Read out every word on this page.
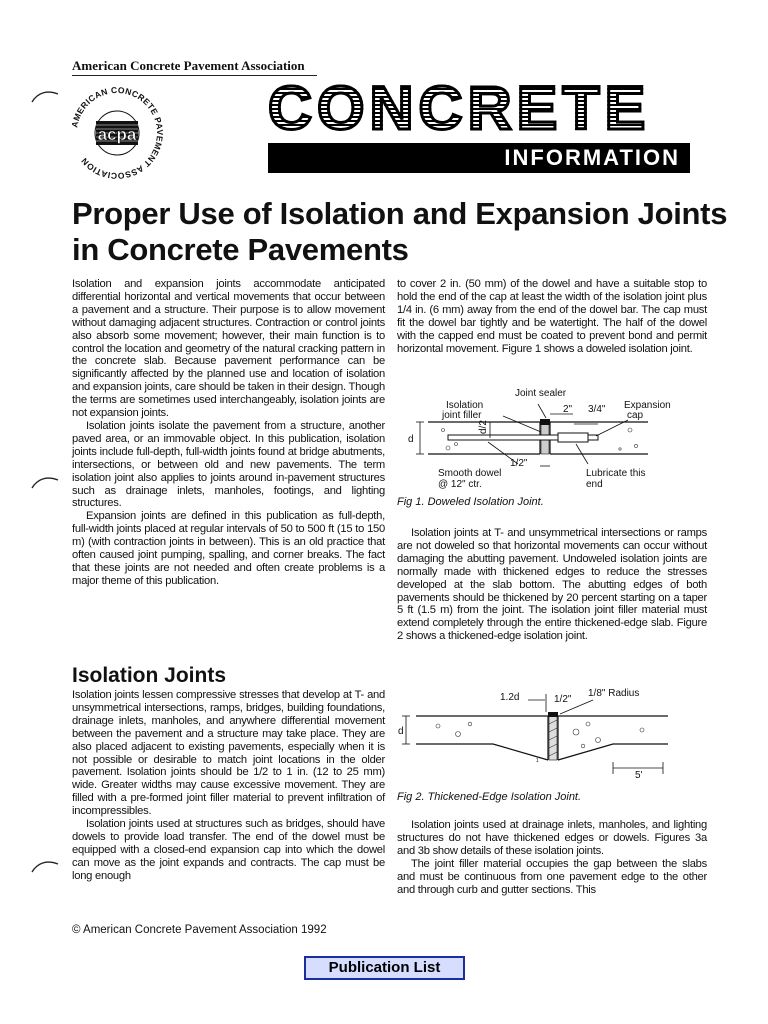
American Concrete Pavement Association
AMERICAN CONCRETE PAVEMENT ASSOCIATION
acpa CONCRETE
INFORMATION
Proper Use of Isolation and Expansion Joints in Concrete Pavements

Isolation and expansion joints accommodate anticipated differential horizontal and vertical movements that occur between a pavement and a structure. Their purpose is to allow movement without damaging adjacent structures. Contraction or control joints also absorb some movement; however, their main function is to control the location and geometry of the natural cracking pattern in the concrete slab. Because pavement performance can be significantly affected by the planned use and location of isolation and expansion joints, care should be taken in their design. Though the terms are sometimes used interchangeably, isolation joints are not expansion joints.

Isolation joints isolate the pavement from a structure, another paved area, or an immovable object. In this publication, isolation joints include full-depth, full-width joints found at bridge abutments, intersections, or between old and new pavements. The term isolation joint also applies to joints around in-pavement structures such as drainage inlets, manholes, footings, and lighting structures.

Expansion joints are defined in this publication as full-depth, full-width joints placed at regular intervals of 50 to 500 ft (15 to 150 m) (with contraction joints in between). This is an old practice that often caused joint pumping, spalling, and corner breaks. The fact that these joints are not needed and often create problems is a major theme of this publication.

Isolation Joints

Isolation joints lessen compressive stresses that develop at T- and unsymmetrical intersections, ramps, bridges, building foundations, drainage inlets, manholes, and anywhere differential movement between the pavement and a structure may take place. They are also placed adjacent to existing pavements, especially when it is not possible or desirable to match joint locations in the older pavement. Isolation joints should be 1/2 to 1 in. (12 to 25 mm) wide. Greater widths may cause excessive movement. They are filled with a pre-formed joint filler material to prevent infiltration of incompressibles.

Isolation joints used at structures such as bridges, should have dowels to provide load transfer. The end of the dowel must be equipped with a closed-end expansion cap into which the dowel can move as the joint expands and contracts. The cap must be long enough

to cover 2 in. (50 mm) of the dowel and have a suitable stop to hold the end of the cap at least the width of the isolation joint plus 1/4 in. (6 mm) away from the end of the dowel bar. The cap must fit the dowel bar tightly and be watertight. The half of the dowel with the capped end must be coated to prevent bond and permit horizontal movement. Figure 1 shows a doweled isolation joint.

Joint sealer
Isolation
joint filler
2" 3/4" Expansion
cap
d
d/2
Smooth dowel
@ 12" ctr.
1/2"
Lubricate this
end
Fig 1. Doweled Isolation Joint.

Isolation joints at T- and unsymmetrical intersections or ramps are not doweled so that horizontal movements can occur without damaging the abutting pavement. Undoweled isolation joints are normally made with thickened edges to reduce the stresses developed at the slab bottom. The abutting edges of both pavements should be thickened by 20 percent starting on a taper 5 ft (1.5 m) from the joint. The isolation joint filler material must extend completely through the entire thickened-edge slab. Figure 2 shows a thickened-edge isolation joint.

1.2d	1/2"
1/8" Radius
d
5'
1
Fig 2. Thickened-Edge Isolation Joint.

Isolation joints used at drainage inlets, manholes, and lighting structures do not have thickened edges or dowels. Figures 3a and 3b show details of these isolation joints.

The joint filler material occupies the gap between the slabs and must be continuous from one pavement edge to the other and through curb and gutter sections. This

© American Concrete Pavement Association 1992
Publication List
